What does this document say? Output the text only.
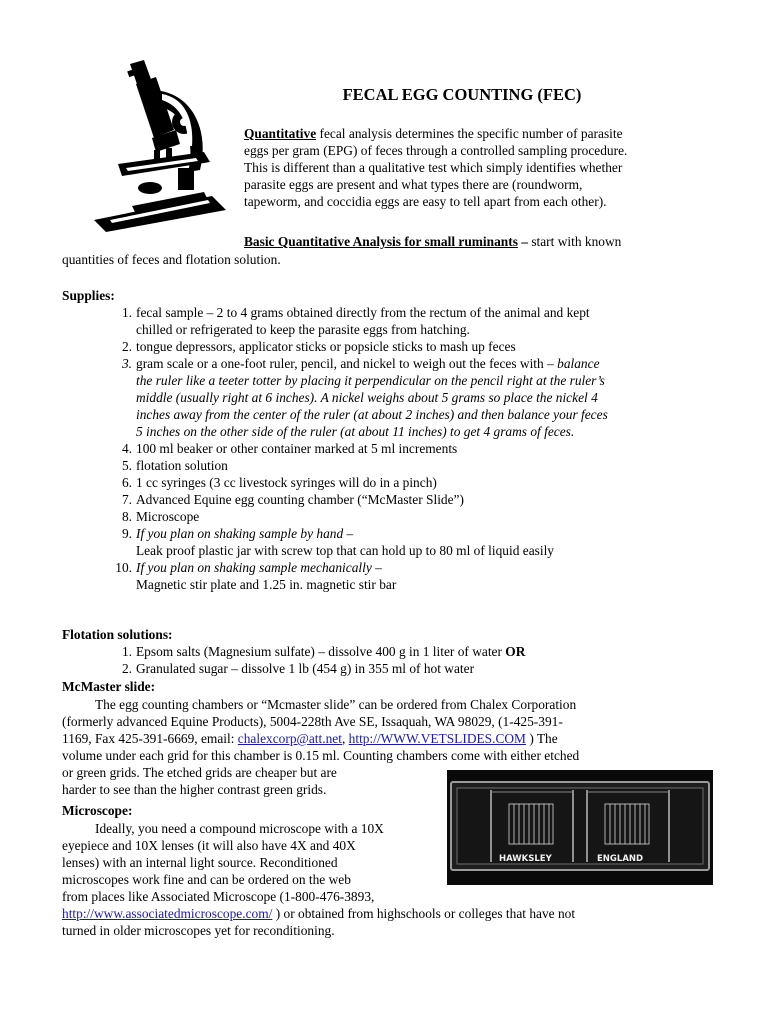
FECAL EGG COUNTING (FEC)
Quantitative fecal analysis determines the specific number of parasite
eggs per gram (EPG) of feces through a controlled sampling procedure.
This is different than a qualitative test which simply identifies whether
parasite eggs are present and what types there are (roundworm,
tapeworm, and coccidia eggs are easy to tell apart from each other).
Basic Quantitative Analysis for small ruminants – start with known
quantities of feces and flotation solution.
Supplies:
1. fecal sample – 2 to 4 grams obtained directly from the rectum of the animal and kept
chilled or refrigerated to keep the parasite eggs from hatching.
2. tongue depressors, applicator sticks or popsicle sticks to mash up feces
3. gram scale or a one-foot ruler, pencil, and nickel to weigh out the feces with – balance
the ruler like a teeter totter by placing it perpendicular on the pencil right at the ruler’s
middle (usually right at 6 inches). A nickel weighs about 5 grams so place the nickel 4
inches away from the center of the ruler (at about 2 inches) and then balance your feces
5 inches on the other side of the ruler (at about 11 inches) to get 4 grams of feces.
4. 100 ml beaker or other container marked at 5 ml increments
5. flotation solution
6. 1 cc syringes (3 cc livestock syringes will do in a pinch)
7. Advanced Equine egg counting chamber (“McMaster Slide”)
8. Microscope
9. If you plan on shaking sample by hand –
Leak proof plastic jar with screw top that can hold up to 80 ml of liquid easily
10. If you plan on shaking sample mechanically –
Magnetic stir plate and 1.25 in. magnetic stir bar
Flotation solutions:
1. Epsom salts (Magnesium sulfate) – dissolve 400 g in 1 liter of water OR
2. Granulated sugar – dissolve 1 lb (454 g) in 355 ml of hot water
McMaster slide:
The egg counting chambers or “Mcmaster slide” can be ordered from Chalex Corporation
(formerly advanced Equine Products), 5004-228th Ave SE, Issaquah, WA 98029, (1-425-391-
1169, Fax 425-391-6669, email: chalexcorp@att.net, http://WWW.VETSLIDES.COM ) The
volume under each grid for this chamber is 0.15 ml. Counting chambers come with either etched
or green grids. The etched grids are cheaper but are
harder to see than the higher contrast green grids.
Microscope:
Ideally, you need a compound microscope with a 10X
eyepiece and 10X lenses (it will also have 4X and 40X
lenses) with an internal light source. Reconditioned
microscopes work fine and can be ordered on the web
from places like Associated Microscope (1-800-476-3893,
http://www.associatedmicroscope.com/ ) or obtained from highschools or colleges that have not
turned in older microscopes yet for reconditioning.
HAWKSLEY	ENGLAND
